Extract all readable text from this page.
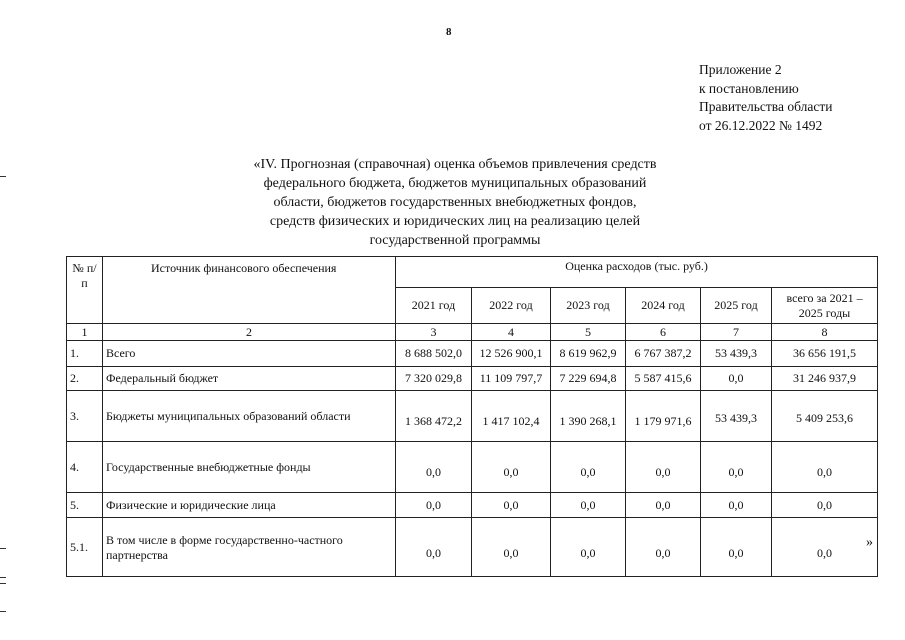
8
Приложение 2
к постановлению
Правительства области
от 26.12.2022 № 1492
«IV. Прогнозная (справочная) оценка объемов привлечения средств
федерального бюджета, бюджетов муниципальных образований
области, бюджетов государственных внебюджетных фондов,
средств физических и юридических лиц на реализацию целей
государственной программы
№ п/п	Источник финансового обеспечения	Оценка расходов (тыс. руб.)					
		2021 год	2022 год	2023 год	2024 год	2025 год	всего за 2021 – 2025 годы
1	2	3	4	5	6	7	8
1.	Всего	8 688 502,0	12 526 900,1	8 619 962,9	6 767 387,2	53 439,3	36 656 191,5
2.	Федеральный бюджет	7 320 029,8	11 109 797,7	7 229 694,8	5 587 415,6	0,0	31 246 937,9
3.	Бюджеты муниципальных образований области	1 368 472,2	1 417 102,4	1 390 268,1	1 179 971,6	53 439,3	5 409 253,6
4.	Государственные внебюджетные фонды	0,0	0,0	0,0	0,0	0,0	0,0
5.	Физические и юридические лица	0,0	0,0	0,0	0,0	0,0	0,0
5.1.	В том числе в форме государственно-частного партнерства	0,0	0,0	0,0	0,0	0,0	0,0
»
